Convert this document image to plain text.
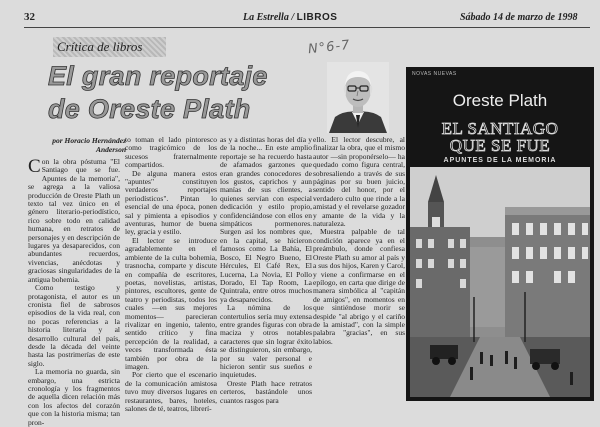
32	La Estrella / LIBROS	Sábado 14 de marzo de 1998
N°6-7
Crítica de libros
El gran reportaje
de Oreste Plath
NOVAS NUEVAS
Oreste Plath
EL SANTIAGO
QUE SE FUE
APUNTES DE LA MEMORIA
por Horacio Hernández
Anderson

Con la obra póstuma "El Santiago que se fue. Apuntes de la memoria", se agrega a la valiosa producción de Oreste Plath un texto tal vez único en el género literario-periodístico, rico sobre todo en calidad humana, en retratos de personajes y en descripción de lugares ya desaparecidos, con abundantes recuerdos, vivencias, anécdotas y graciosas singularidades de la antigua bohemia.

Como testigo y protagonista, el autor es un cronista fiel de sabrosos episodios de la vida real, con no pocas referencias a la historia literaria y al desarrollo cultural del país, desde la década del veinte hasta las postrimerías de este siglo.

La memoria no guarda, sin embargo, una estricta cronología y los fragmentos de aquella dicen relación más con los afectos del corazón que con la historia misma; tan pron-

to toman el lado pintoresco como tragicómico de los sucesos fraternalmente compartidos.

De alguna manera estos "apuntes" constituyen verdaderos reportajes periodísticos". Pintan lo esencial de una época, ponen sal y pimienta a episodios y aventuras, humor de buena ley, gracia y estilo.

El lector se introduce agradablemente en el ambiente de la culta bohemia, trasnocha, comparte y discute en compañía de escritores, poetas, novelistas, artistas, pintores, escultores, gente de teatro y periodistas, todos los cuales —en sus mejores momentos— parecieran rivalizar en ingenio, talento, sentido crítico y fina percepción de la realidad, a veces transformada ésta también por obra de la imagen.

Por cierto que el escenario de la comunicación amistosa tuvo muy diversos lugares en restaurantes, bares, hoteles, salones de té, teatros, librerí-

as y a distintas horas del día y de la noche... En este amplio reportaje se ha recuerdo hasta de afamados garzones que eran grandes conocedores de los gustos, caprichos y aun manías de sus clientes, a quienes servían con especial dedicación y estilo propio, confidenciándose con ellos en simpáticos pormenores. Surgen así los nombres que, en la capital, se hicieron famosos como La Bahía, El Bosco, El Negro Bueno, El Hércules, El Café Rex, El Lucerna, La Novia, El Pollo Dorado, El Tap Room, La Quintrala, entre otros muchos ya desaparecidos.

La nómina de los contertulios sería muy extensa entre grandes figuras con obra maciza y otros notables caracteres que sin lograr éxito se distinguieron, sin embargo, por su valer personal e hicieron sentir sus sueños e inquietudes.

Oreste Plath hace retratos certeros, bastándole unos cuantos rasgos para

ello. El lector descubre, al finalizar la obra, que el mismo autor —sin proponérselo— ha quedado como figura central, sobresaliendo a través de sus páginas por su buen juicio, sentido del honor, por el verdadero culto que rinde a la amistad y el revelarse gozador y amante de la vida y la naturaleza.

Muestra palpable de tal condición aparece ya en el preámbulo, donde confiesa Oreste Plath su amor al país y a sus dos hijos, Karen y Carol, y viene a confirmarse en el epílogo, en carta que dirige de manera simbólica al "capitán de amigos", en momentos en que sintiéndose morir se despide "al abrigo y el cariño de la amistad", con la simple palabra "gracias", en sus labios.
